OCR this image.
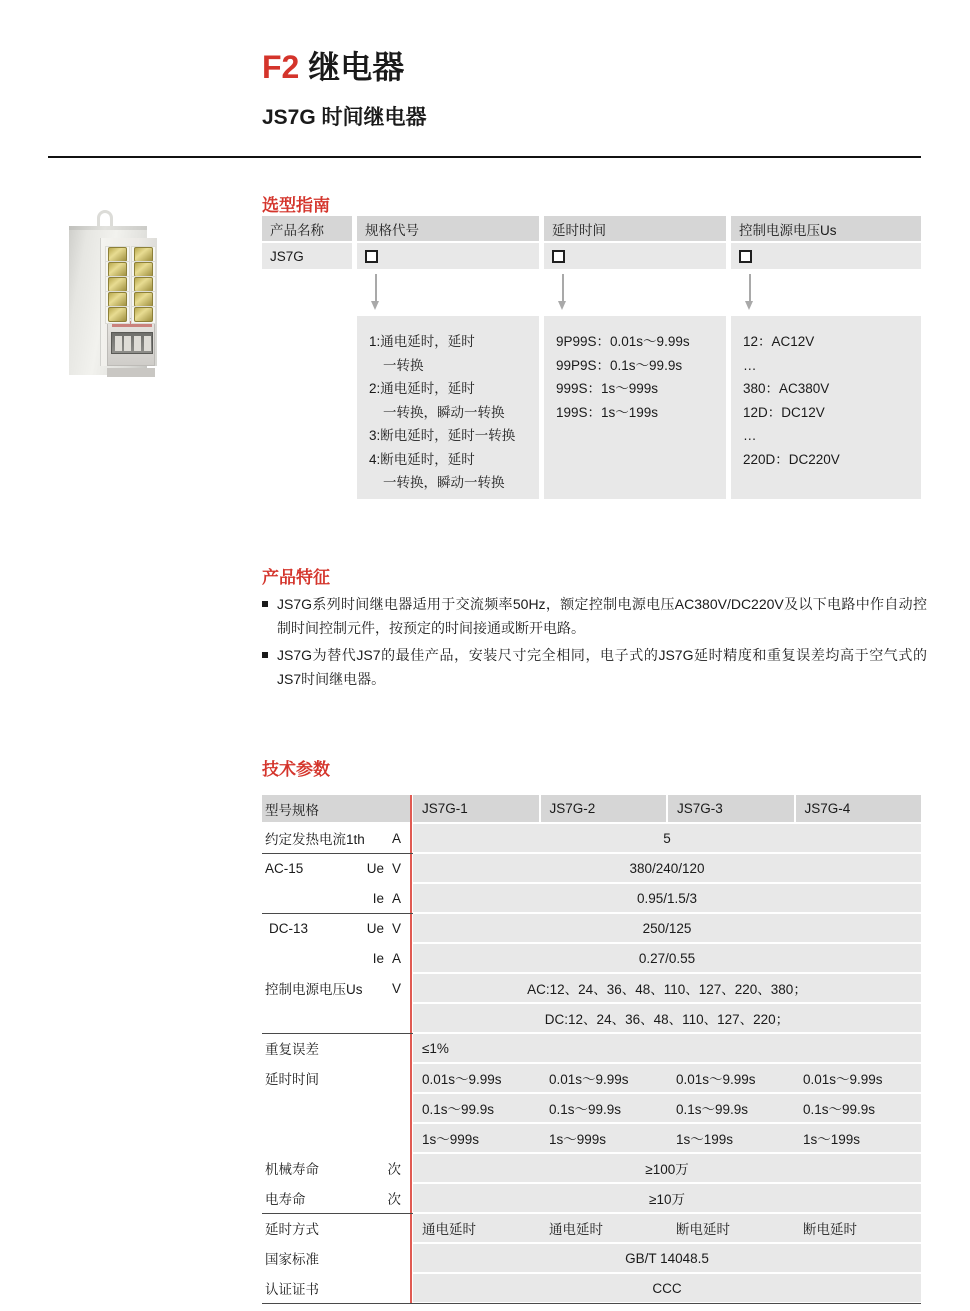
F2 继电器
JS7G 时间继电器
选型指南
产品名称
JS7G
规格代号	延时时间	控制电源电压Us
1:通电延时，延时
一转换
2:通电延时，延时
一转换，瞬动一转换
3:断电延时，延时一转换
4:断电延时，延时
一转换，瞬动一转换
9P99S：0.01s～9.99s
99P9S：0.1s～99.9s
999S：1s～999s
199S：1s～199s
12：AC12V
…
380：AC380V
12D：DC12V
…
220D：DC220V
产品特征
JS7G系列时间继电器适用于交流频率50Hz，额定控制电源电压AC380V/DC220V及以下电路中作自动控制时间控制元件，按预定的时间接通或断开电路。
JS7G为替代JS7的最佳产品，安装尺寸完全相同，电子式的JS7G延时精度和重复误差均高于空气式的JS7时间继电器。
技术参数
型号规格	JS7G-1	JS7G-2	JS7G-3	JS7G-4
约定发热电流1th A	5
AC-15	Ue V	380/240/120
Ie A	0.95/1.5/3
DC-13	Ue V	250/125
Ie A	0.27/0.55
控制电源电压Us V	AC:12、24、36、48、110、127、220、380；
DC:12、24、36、48、110、127、220；
重复误差	≤1%
延时时间	0.01s～9.99s	0.01s～9.99s	0.01s～9.99s	0.01s～9.99s
0.1s～99.9s	0.1s～99.9s	0.1s～99.9s	0.1s～99.9s
1s～999s	1s～999s	1s～199s	1s～199s
机械寿命	次	≥100万
电寿命	次	≥10万
延时方式	通电延时	通电延时	断电延时	断电延时
国家标准	GB/T 14048.5
认证证书	CCC
